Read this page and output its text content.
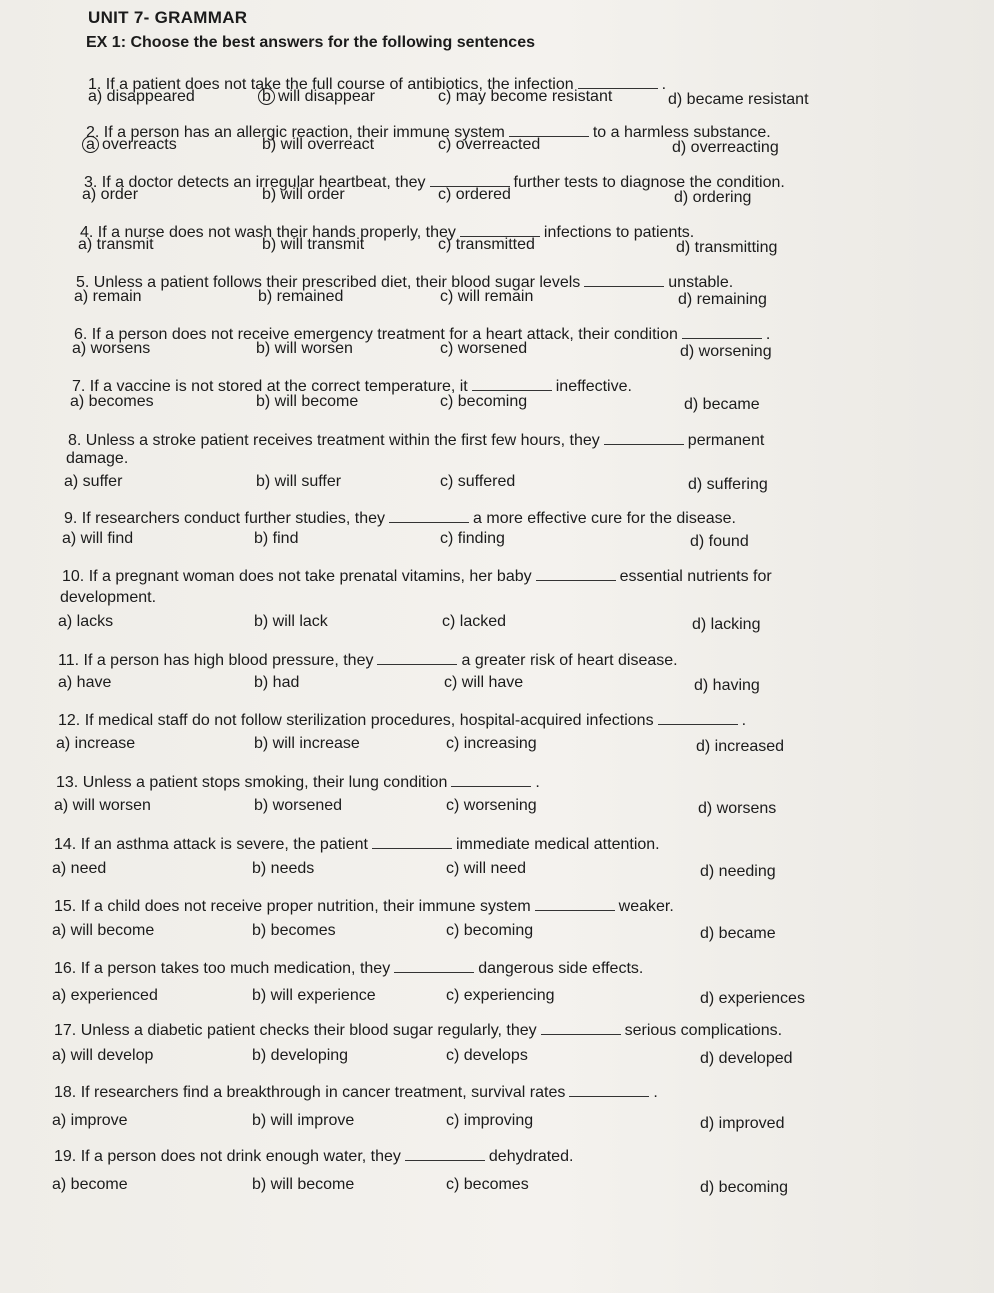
UNIT 7- GRAMMAR
EX 1: Choose the best answers for the following sentences
1. If a patient does not take the full course of antibiotics, the infection	.
a) disappeared	b will disappear	c) may become resistant	d) became resistant
2. If a person has an allergic reaction, their immune system	to a harmless substance.
a overreacts	b) will overreact	c) overreacted	d) overreacting
3. If a doctor detects an irregular heartbeat, they	further tests to diagnose the condition.
a) order	b) will order	c) ordered	d) ordering
4. If a nurse does not wash their hands properly, they	infections to patients.
a) transmit	b) will transmit	c) transmitted	d) transmitting
5. Unless a patient follows their prescribed diet, their blood sugar levels	unstable.
a) remain	b) remained	c) will remain	d) remaining
6. If a person does not receive emergency treatment for a heart attack, their condition	.
a) worsens	b) will worsen	c) worsened	d) worsening
7. If a vaccine is not stored at the correct temperature, it	ineffective.
a) becomes	b) will become	c) becoming	d) became
8. Unless a stroke patient receives treatment within the first few hours, they	permanent
damage.
a) suffer	b) will suffer	c) suffered	d) suffering
9. If researchers conduct further studies, they	a more effective cure for the disease.
a) will find	b) find	c) finding	d) found
10. If a pregnant woman does not take prenatal vitamins, her baby	essential nutrients for
development.
a) lacks	b) will lack	c) lacked	d) lacking
11. If a person has high blood pressure, they	a greater risk of heart disease.
a) have	b) had	c) will have	d) having
12. If medical staff do not follow sterilization procedures, hospital-acquired infections	.
a) increase	b) will increase	c) increasing	d) increased
13. Unless a patient stops smoking, their lung condition	.
a) will worsen	b) worsened	c) worsening	d) worsens
14. If an asthma attack is severe, the patient	immediate medical attention.
a) need	b) needs	c) will need	d) needing
15. If a child does not receive proper nutrition, their immune system	weaker.
a) will become	b) becomes	c) becoming	d) became
16. If a person takes too much medication, they	dangerous side effects.
a) experienced	b) will experience	c) experiencing	d) experiences
17. Unless a diabetic patient checks their blood sugar regularly, they	serious complications.
a) will develop	b) developing	c) develops	d) developed
18. If researchers find a breakthrough in cancer treatment, survival rates	.
a) improve	b) will improve	c) improving	d) improved
19. If a person does not drink enough water, they	dehydrated.
a) become	b) will become	c) becomes	d) becoming
